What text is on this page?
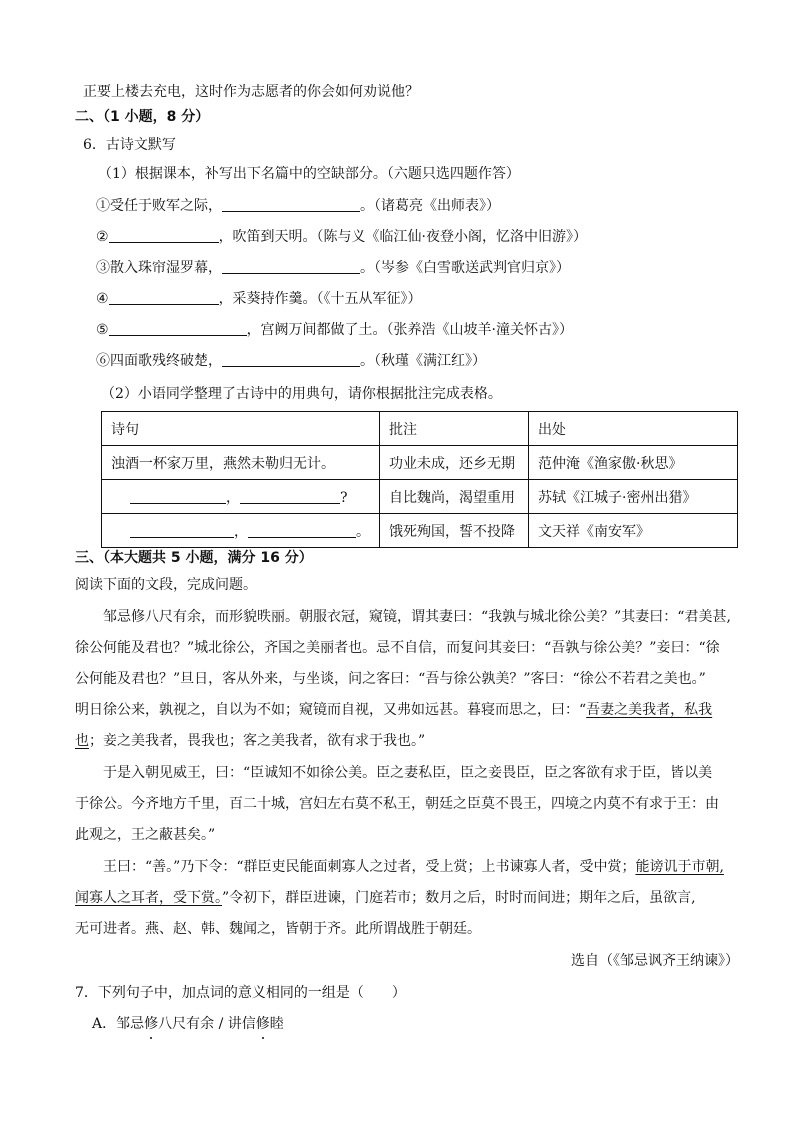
正要上楼去充电，这时作为志愿者的你会如何劝说他？
二、（1 小题，8 分）
6．古诗文默写
（1）根据课本，补写出下名篇中的空缺部分。（六题只选四题作答）
①受任于败军之际，	。（诸葛亮《出师表》）
②	，吹笛到天明。（陈与义《临江仙·夜登小阁，忆洛中旧游》）
③散入珠帘湿罗幕，	。（岑参《白雪歌送武判官归京》）
④	，采葵持作羹。（《十五从军征》）
⑤	，宫阙万间都做了土。（张养浩《山坡羊·潼关怀古》）
⑥四面歌残终破楚，	。（秋瑾《满江红》）
（2）小语同学整理了古诗中的用典句，请你根据批注完成表格。
诗句	批注	出处
浊酒一杯家万里，燕然未勒归无计。	功业未成，还乡无期	范仲淹《渔家傲·秋思》
， ?	自比魏尚，渴望重用	苏轼《江城子·密州出猎》
， 。	饿死殉国，誓不投降	文天祥《南安军》
三、（本大题共 5 小题，满分 16 分）
阅读下面的文段，完成问题。
邹忌修八尺有余，而形貌昳丽。朝服衣冠，窥镜，谓其妻曰：“我孰与城北徐公美？”其妻曰：“君美甚,
徐公何能及君也？”城北徐公，齐国之美丽者也。忌不自信，而复问其妾曰：“吾孰与徐公美？”妾曰：“徐
公何能及君也？”旦日，客从外来，与坐谈，问之客曰：“吾与徐公孰美？”客曰：“徐公不若君之美也。”
明日徐公来，孰视之，自以为不如；窥镜而自视，又弗如远甚。暮寝而思之，曰：“吾妻之美我者，私我
也；妾之美我者，畏我也；客之美我者，欲有求于我也。”
于是入朝见威王，曰：“臣诚知不如徐公美。臣之妻私臣，臣之妾畏臣，臣之客欲有求于臣，皆以美
于徐公。今齐地方千里，百二十城，宫妇左右莫不私王，朝廷之臣莫不畏王，四境之内莫不有求于王：由
此观之，王之蔽甚矣。”
王曰：“善。”乃下令：“群臣吏民能面刺寡人之过者，受上赏；上书谏寡人者，受中赏；能谤讥于市朝,
闻寡人之耳者，受下赏。”令初下，群臣进谏，门庭若市；数月之后，时时而间进；期年之后，虽欲言,
无可进者。燕、赵、韩、魏闻之，皆朝于齐。此所谓战胜于朝廷。
选自（《邹忌讽齐王纳谏》）
7．下列句子中，加点词的意义相同的一组是（　　）
A．邹忌修八尺有余 / 讲信修睦
